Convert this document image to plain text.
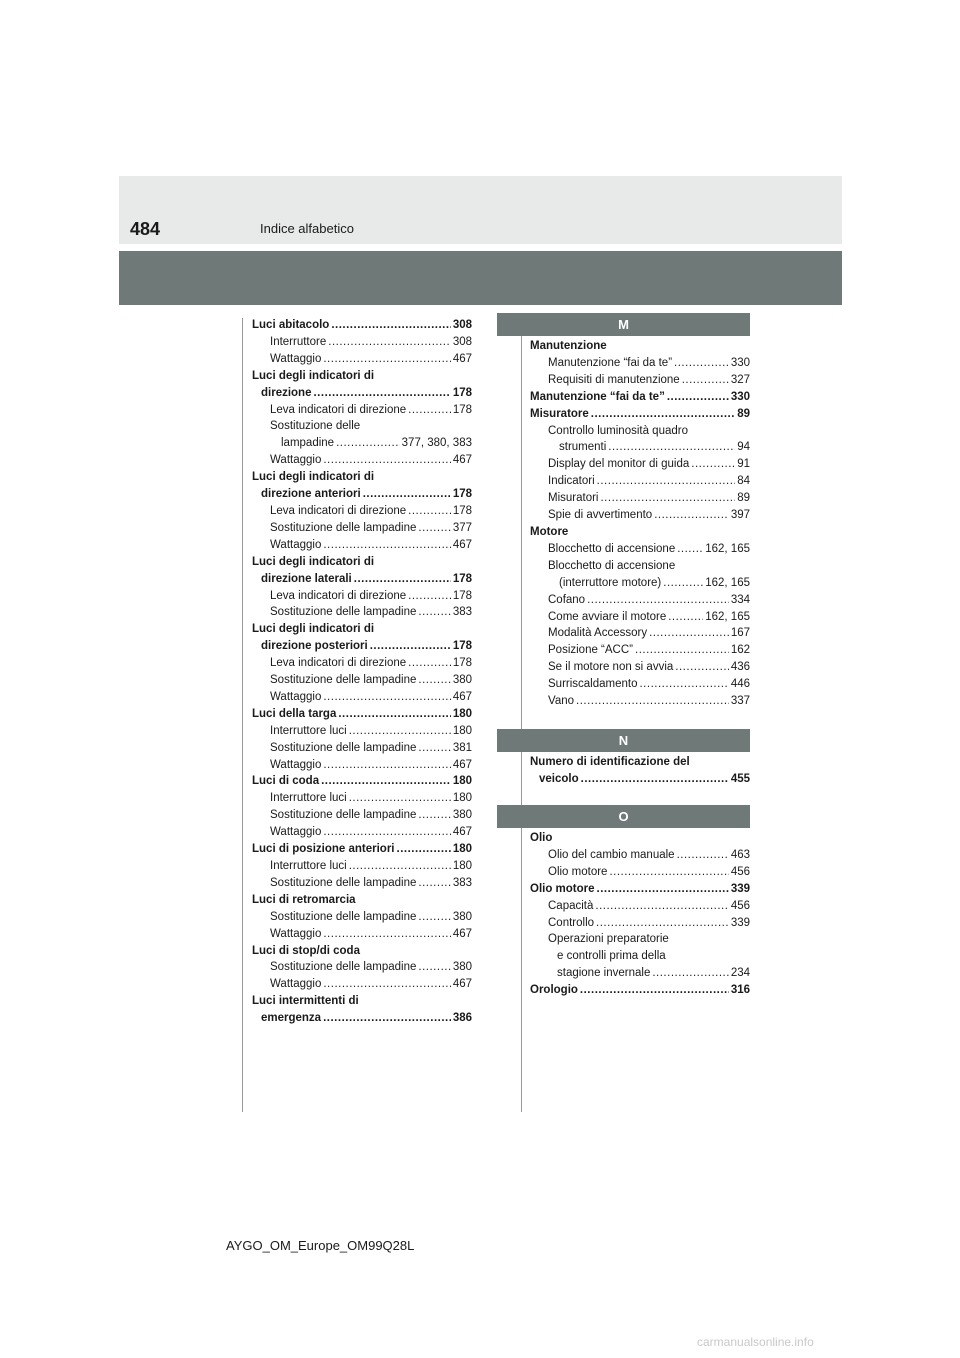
484	Indice alfabetico
Luci abitacolo .....	308
Interruttore .....	308
Wattaggio .....	467
Luci degli indicatori di
direzione .....	178
Leva indicatori di direzione .....	178
Sostituzione delle
lampadine .....	377, 380, 383
Wattaggio .....	467
Luci degli indicatori di
direzione anteriori .....	178
Leva indicatori di direzione .....	178
Sostituzione delle lampadine .....	377
Wattaggio .....	467
Luci degli indicatori di
direzione laterali .....	178
Leva indicatori di direzione .....	178
Sostituzione delle lampadine .....	383
Luci degli indicatori di
direzione posteriori .....	178
Leva indicatori di direzione .....	178
Sostituzione delle lampadine .....	380
Wattaggio .....	467
Luci della targa .....	180
Interruttore luci .....	180
Sostituzione delle lampadine .....	381
Wattaggio .....	467
Luci di coda .....	180
Interruttore luci .....	180
Sostituzione delle lampadine .....	380
Wattaggio .....	467
Luci di posizione anteriori .....	180
Interruttore luci .....	180
Sostituzione delle lampadine .....	383
Luci di retromarcia
Sostituzione delle lampadine .....	380
Wattaggio .....	467
Luci di stop/di coda
Sostituzione delle lampadine .....	380
Wattaggio .....	467
Luci intermittenti di
emergenza .....	386
M
Manutenzione
Manutenzione “fai da te” .....	330
Requisiti di manutenzione .....	327
Manutenzione “fai da te” .....	330
Misuratore .....	89
Controllo luminosità quadro
strumenti .....	94
Display del monitor di guida .....	91
Indicatori .....	84
Misuratori .....	89
Spie di avvertimento .....	397
Motore
Blocchetto di accensione .....	162, 165
Blocchetto di accensione
(interruttore motore) .....	162, 165
Cofano .....	334
Come avviare il motore .....	162, 165
Modalità Accessory .....	167
Posizione “ACC” .....	162
Se il motore non si avvia .....	436
Surriscaldamento .....	446
Vano .....	337
N
Numero di identificazione del
veicolo .....	455
O
Olio
Olio del cambio manuale .....	463
Olio motore .....	456
Olio motore .....	339
Capacità .....	456
Controllo .....	339
Operazioni preparatorie
e controlli prima della
stagione invernale .....	234
Orologio .....	316
AYGO_OM_Europe_OM99Q28L
carmanualsonline.info
